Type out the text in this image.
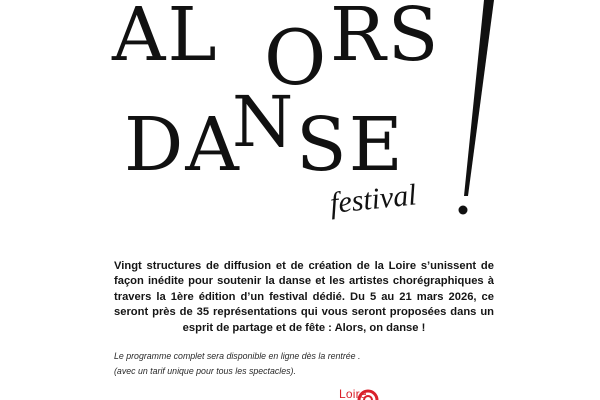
AL O RS
DA
N SE
festival

Vingt structures de diffusion et de création de la Loire s’unissent de façon inédite pour soutenir la danse et les artistes chorégraphiques à travers la 1ère édition d’un festival dédié. Du 5 au 21 mars 2026, ce seront près de 35 représentations qui vous seront proposées dans un esprit de partage et de fête : Alors, on danse !

Le programme complet sera disponible en ligne dès la rentrée .

(avec un tarif unique pour tous les spectacles).

Loire
